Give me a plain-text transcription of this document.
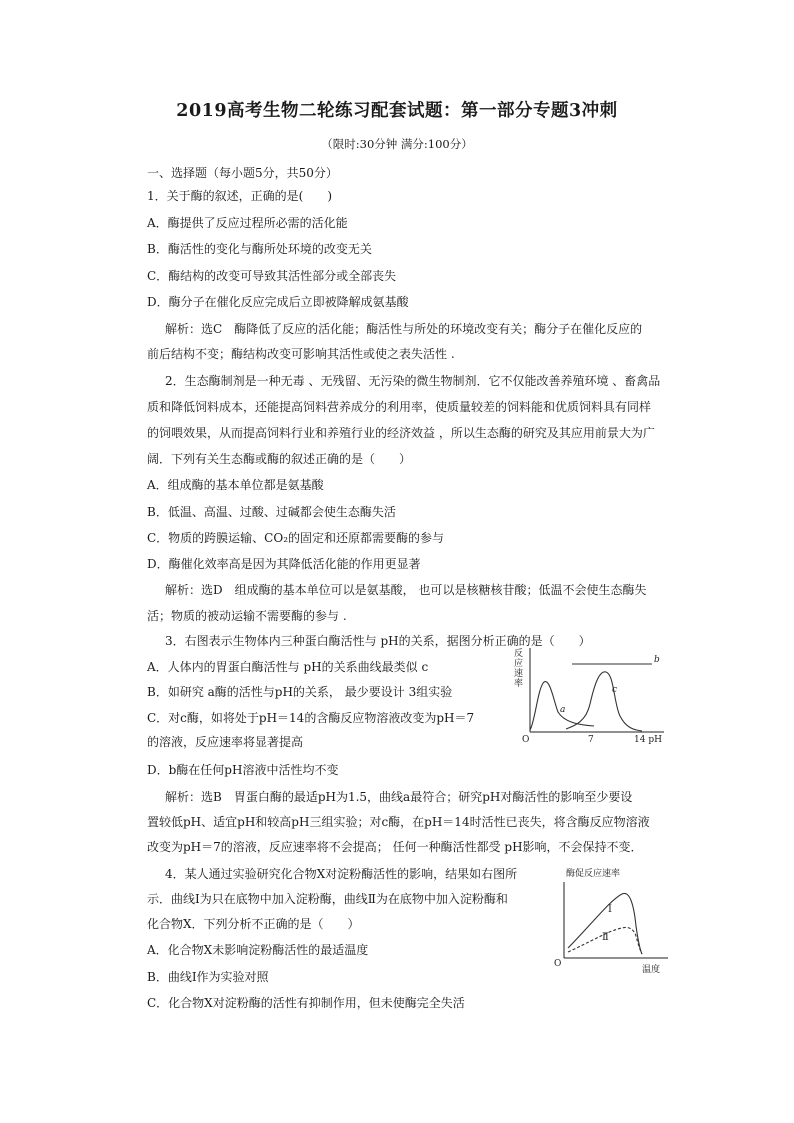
2019高考生物二轮练习配套试题：第一部分专题3冲刺
（限时:30分钟 满分:100分）
一、选择题（每小题5分，共50分）
1．关于酶的叙述，正确的是(　　)
A．酶提供了反应过程所必需的活化能
B．酶活性的变化与酶所处环境的改变无关
C．酶结构的改变可导致其活性部分或全部丧失
D．酶分子在催化反应完成后立即被降解成氨基酸
解析：选C　酶降低了反应的活化能；酶活性与所处的环境改变有关；酶分子在催化反应的
前后结构不变；酶结构改变可影响其活性或使之表失活性 .
2．生态酶制剂是一种无毒 、无残留、无污染的微生物制剂．它不仅能改善养殖环境 、畜禽品
质和降低饲料成本，还能提高饲料营养成分的利用率，使质量较差的饲料能和优质饲料具有同样
的饲喂效果，从而提高饲料行业和养殖行业的经济效益 ，所以生态酶的研究及其应用前景大为广
阔．下列有关生态酶或酶的叙述正确的是（　　）
A．组成酶的基本单位都是氨基酸
B．低温、高温、过酸、过碱都会使生态酶失活
C．物质的跨膜运输、CO₂的固定和还原都需要酶的参与
D．酶催化效率高是因为其降低活化能的作用更显著
解析：选D　组成酶的基本单位可以是氨基酸， 也可以是核糖核苷酸；低温不会使生态酶失
活；物质的被动运输不需要酶的参与 .
3．右图表示生物体内三种蛋白酶活性与 pH的关系，据图分析正确的是（　　）
A．人体内的胃蛋白酶活性与 pH的关系曲线最类似 c
B．如研究 a酶的活性与pH的关系， 最少要设计 3组实验
C．对c酶，如将处于pH＝14的含酶反应物溶液改变为pH＝7
的溶液，反应速率将显著提高
D．b酶在任何pH溶液中活性均不变
解析：选B　胃蛋白酶的最适pH为1.5，曲线a最符合；研究pH对酶活性的影响至少要设
置较低pH、适宜pH和较高pH三组实验；对c酶，在pH＝14时活性已丧失，将含酶反应物溶液
改变为pH＝7的溶液，反应速率将不会提高； 任何一种酶活性都受 pH影响，不会保持不变．
4．某人通过实验研究化合物X对淀粉酶活性的影响，结果如右图所
示．曲线Ⅰ为只在底物中加入淀粉酶，曲线Ⅱ为在底物中加入淀粉酶和
化合物X．下列分析不正确的是（　　）
A．化合物X未影响淀粉酶活性的最适温度
B．曲线Ⅰ作为实验对照
C．化合物X对淀粉酶的活性有抑制作用，但未使酶完全失活
反应速率
O	7	14 pH
a
b
c
酶促反应速率
Ⅰ
Ⅱ
O
温度
